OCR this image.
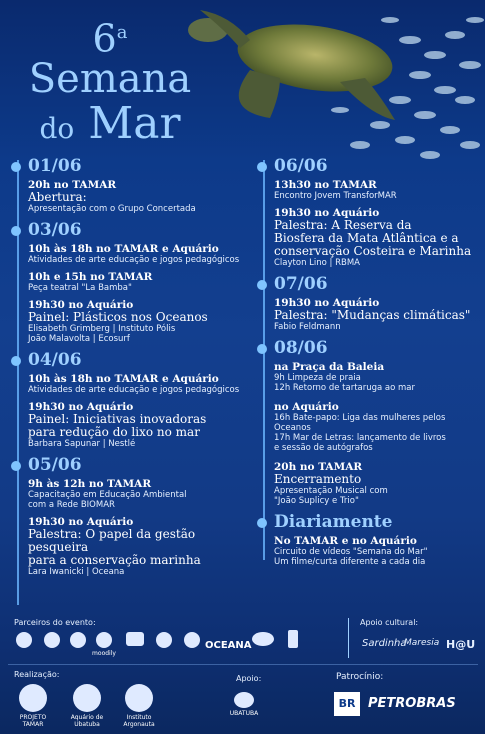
6$^a$
Semana
do Mar
01/06
20h no TAMAR
Abertura:
Apresentação com o Grupo Concertada
03/06
10h às 18h no TAMAR e Aquário
Atividades de arte educação e jogos pedagógicos
10h e 15h no TAMAR
Peça teatral "La Bamba"
19h30 no Aquário
Painel: Plásticos nos Oceanos
Elisabeth Grimberg | Instituto Pólis
João Malavolta | Ecosurf
04/06
10h às 18h no TAMAR e Aquário
Atividades de arte educação e jogos pedagógicos
19h30 no Aquário
Painel: Iniciativas inovadoras
para redução do lixo no mar
Barbara Sapunar | Nestlé
05/06
9h às 12h no TAMAR
Capacitação em Educação Ambiental
com a Rede BIOMAR
19h30 no Aquário
Palestra: O papel da gestão pesqueira
para a conservação marinha
Lara Iwanicki | Oceana
06/06
13h30 no TAMAR
Encontro Jovem TransforMAR
19h30 no Aquário
Palestra: A Reserva da
Biosfera da Mata Atlântica e a
conservação Costeira e Marinha
Clayton Lino | RBMA
07/06
19h30 no Aquário
Palestra: "Mudanças climáticas"
Fabio Feldmann
08/06
na Praça da Baleia
9h Limpeza de praia
12h Retorno de tartaruga ao mar
no Aquário
16h Bate-papo: Liga das mulheres pelos
Oceanos
17h Mar de Letras: lançamento de livros
e sessão de autógrafos
20h no TAMAR
Encerramento
Apresentação Musical com
"João Suplicy e Trio"
Diariamente
No TAMAR e no Aquário
Circuito de vídeos "Semana do Mar"
Um filme/curta diferente a cada dia
Parceiros do evento:	Apoio cultural:
moodily
OCEANA	Sardinha
Maresia H@U
Realização:	Apoio:	Patrocínio:
PROJETO TAMAR
Aquário de Ubatuba
Instituto Argonauta
UBATUBA
BR PETROBRAS
